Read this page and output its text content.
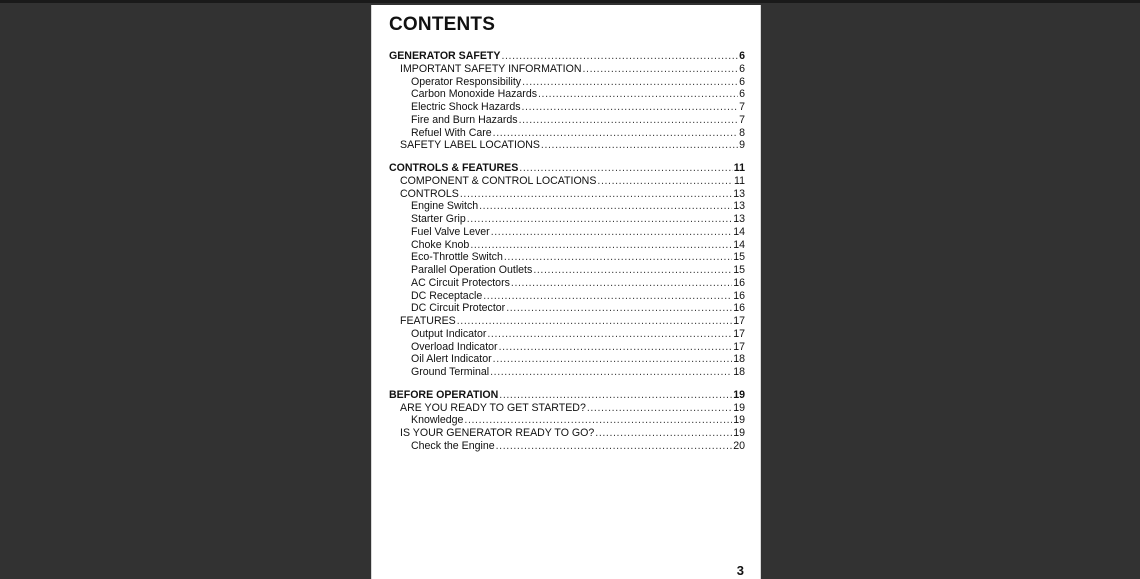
CONTENTS
GENERATOR SAFETY .....	6
IMPORTANT SAFETY INFORMATION .....	6
Operator Responsibility .....	6
Carbon Monoxide Hazards .....	6
Electric Shock Hazards .....	7
Fire and Burn Hazards .....	7
Refuel With Care .....	8
SAFETY LABEL LOCATIONS .....	9
CONTROLS & FEATURES .....	11
COMPONENT & CONTROL LOCATIONS .....	11
CONTROLS .....	13
Engine Switch .....	13
Starter Grip .....	13
Fuel Valve Lever .....	14
Choke Knob .....	14
Eco-Throttle Switch .....	15
Parallel Operation Outlets .....	15
AC Circuit Protectors .....	16
DC Receptacle .....	16
DC Circuit Protector .....	16
FEATURES .....	17
Output Indicator .....	17
Overload Indicator .....	17
Oil Alert Indicator .....	18
Ground Terminal .....	18
BEFORE OPERATION .....	19
ARE YOU READY TO GET STARTED? .....	19
Knowledge .....	19
IS YOUR GENERATOR READY TO GO? .....	19
Check the Engine .....	20
3
